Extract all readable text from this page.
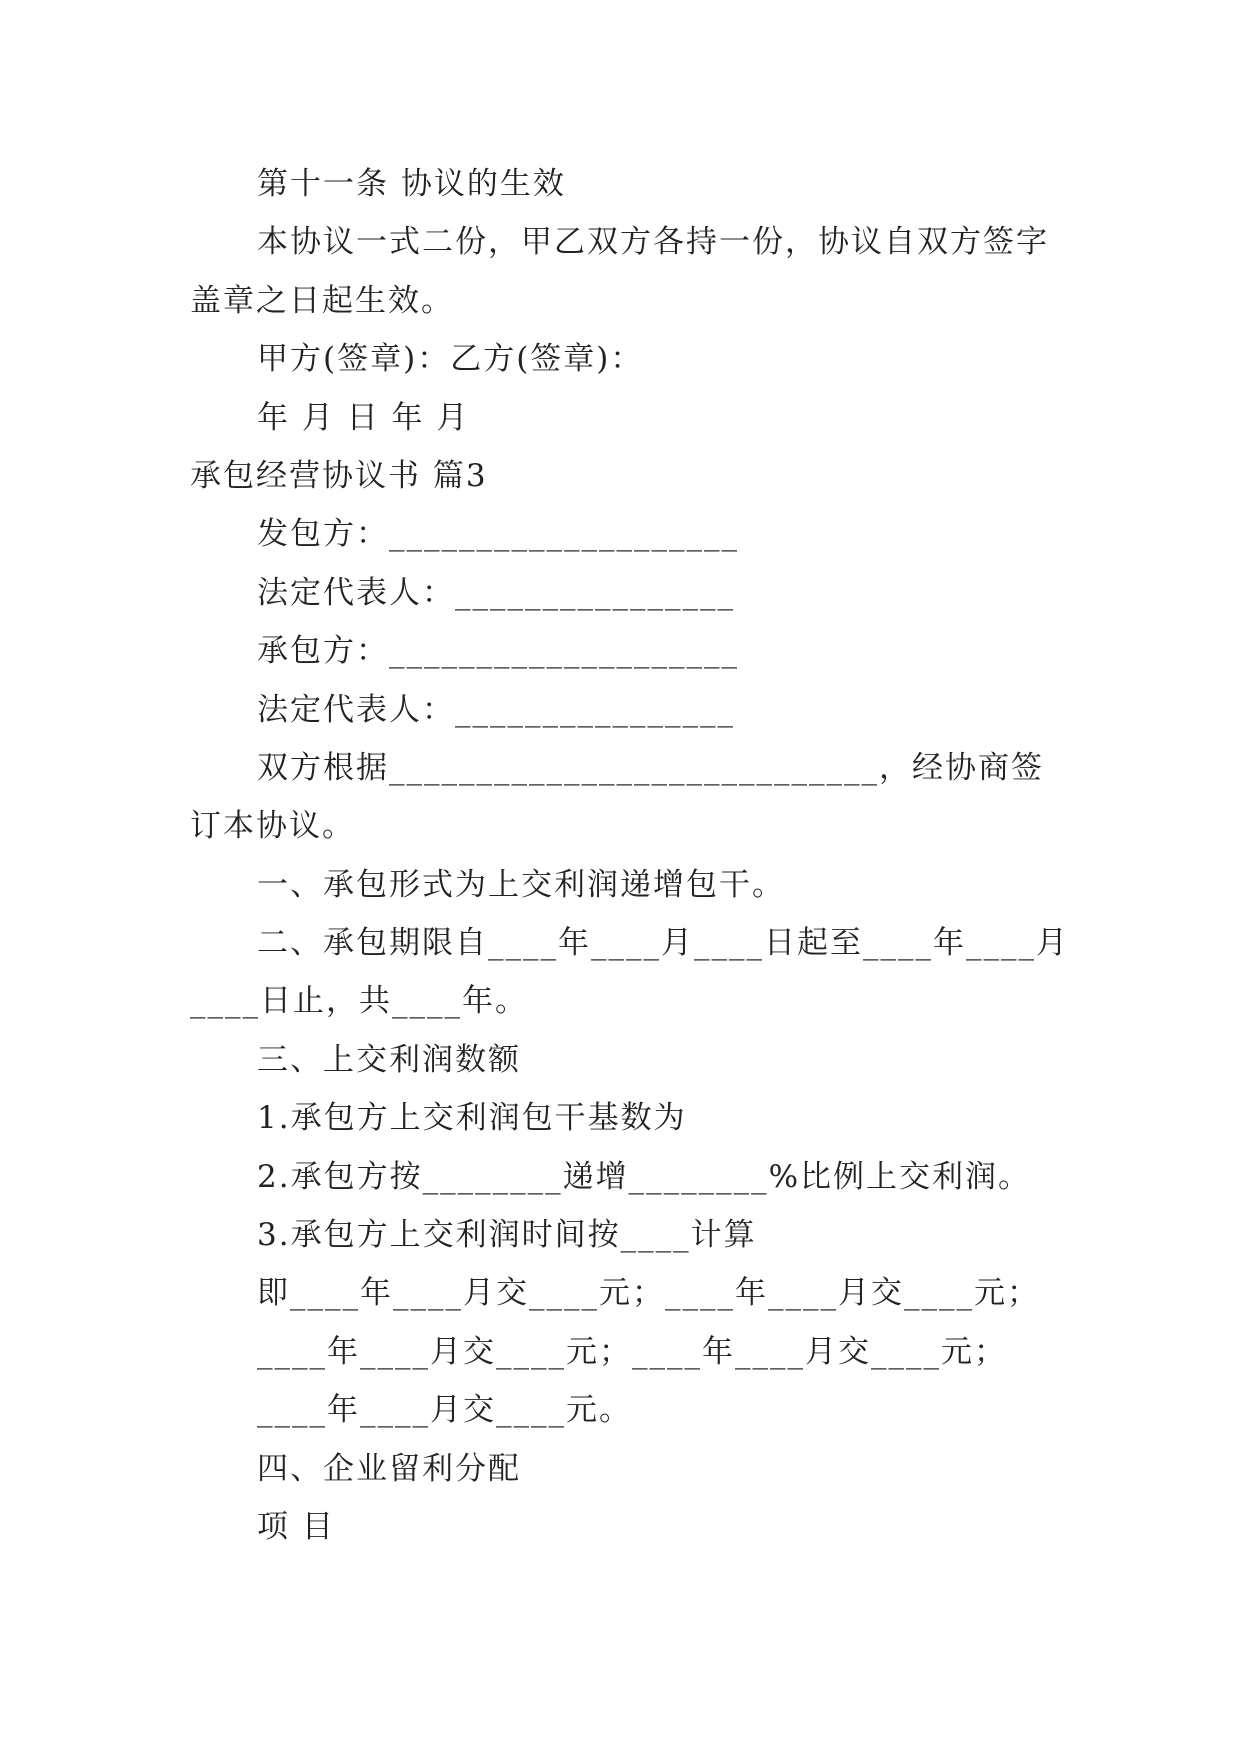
第十一条 协议的生效
本协议一式二份，甲乙双方各持一份，协议自双方签字
盖章之日起生效。
甲方(签章)：乙方(签章)：
年 月 日 年 月
承包经营协议书 篇3
发包方：____________________
法定代表人：________________
承包方：____________________
法定代表人：________________
双方根据____________________________，经协商签
订本协议。
一、承包形式为上交利润递增包干。
二、承包期限自____年____月____日起至____年____月
____日止，共____年。
三、上交利润数额
1.承包方上交利润包干基数为
2.承包方按________递增________%比例上交利润。
3.承包方上交利润时间按____计算
即____年____月交____元；____年____月交____元；
____年____月交____元；____年____月交____元；
____年____月交____元。
四、企业留利分配
项 目
